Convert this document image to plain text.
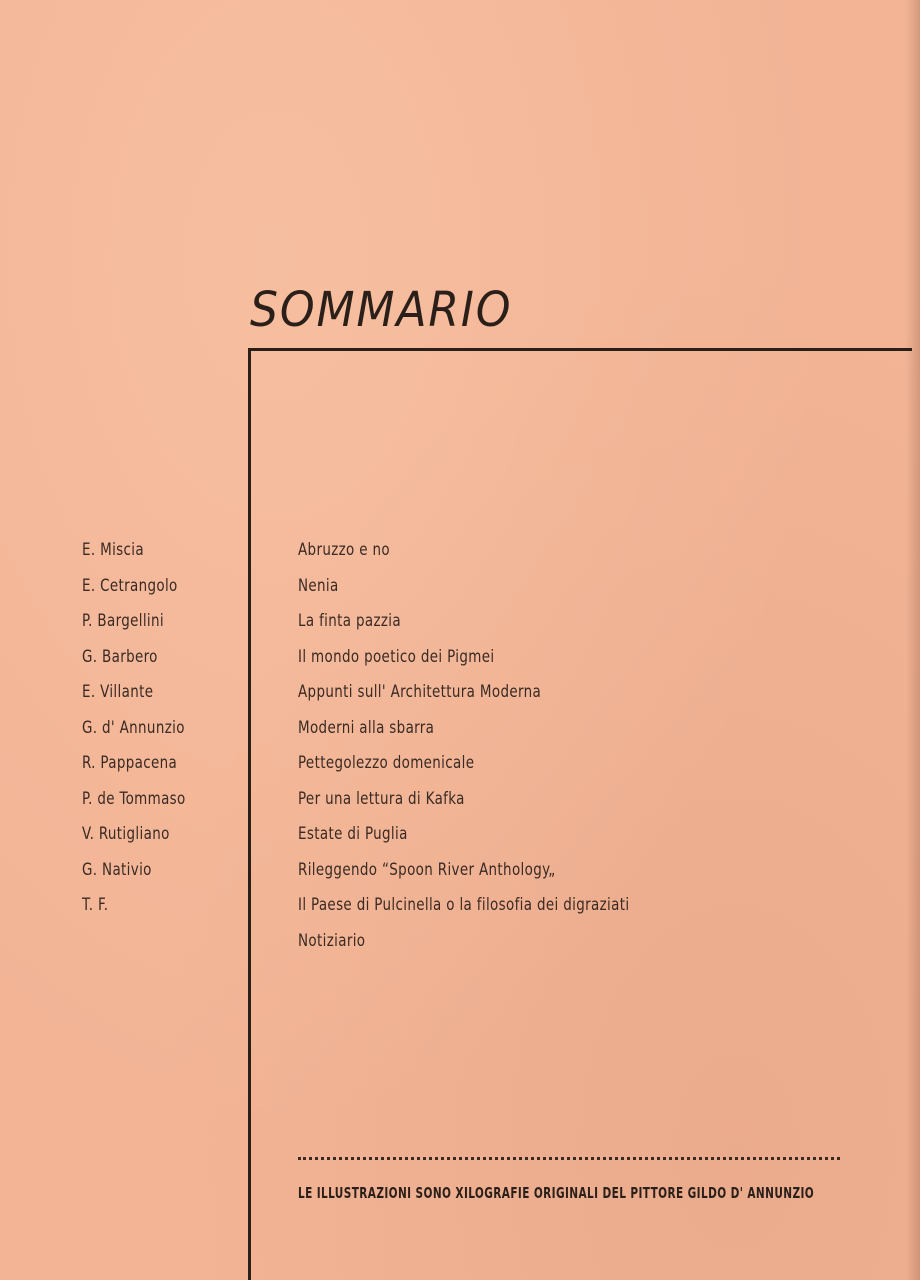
SOMMARIO
E. Miscia
E. Cetrangolo
P. Bargellini
G. Barbero
E. Villante
G. d' Annunzio
R. Pappacena
P. de Tommaso
V. Rutigliano
G. Nativio
T. F.
Abruzzo e no
Nenia
La finta pazzia
Il mondo poetico dei Pigmei
Appunti sull' Architettura Moderna
Moderni alla sbarra
Pettegolezzo domenicale
Per una lettura di Kafka
Estate di Puglia
Rileggendo “Spoon River Anthology„
Il Paese di Pulcinella o la filosofia dei digraziati
Notiziario
LE ILLUSTRAZIONI SONO XILOGRAFIE ORIGINALI DEL PITTORE GILDO D' ANNUNZIO
